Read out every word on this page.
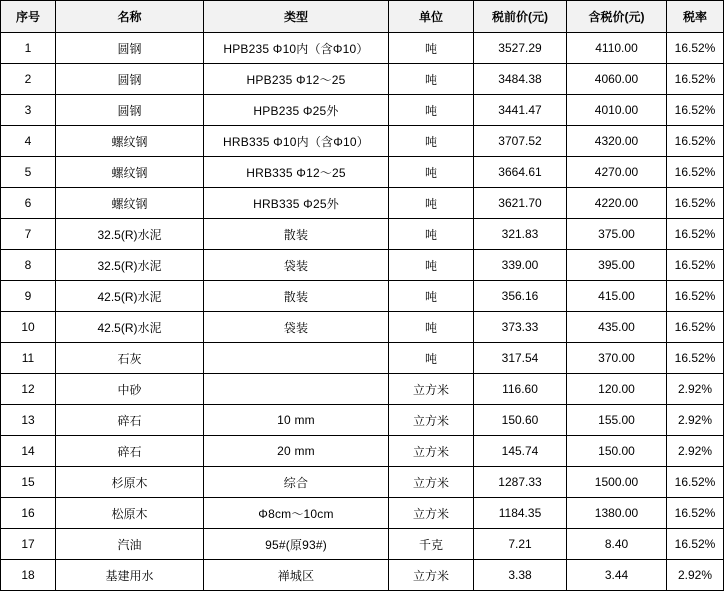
序号	名称	类型	单位	税前价(元)	含税价(元)	税率
1	圆钢	HPB235 Φ10内（含Φ10）	吨	3527.29	4110.00	16.52%
2	圆钢	HPB235 Φ12～25	吨	3484.38	4060.00	16.52%
3	圆钢	HPB235 Φ25外	吨	3441.47	4010.00	16.52%
4	螺纹钢	HRB335 Φ10内（含Φ10）	吨	3707.52	4320.00	16.52%
5	螺纹钢	HRB335 Φ12～25	吨	3664.61	4270.00	16.52%
6	螺纹钢	HRB335 Φ25外	吨	3621.70	4220.00	16.52%
7	32.5(R)水泥	散装	吨	321.83	375.00	16.52%
8	32.5(R)水泥	袋装	吨	339.00	395.00	16.52%
9	42.5(R)水泥	散装	吨	356.16	415.00	16.52%
10	42.5(R)水泥	袋装	吨	373.33	435.00	16.52%
11	石灰		吨	317.54	370.00	16.52%
12	中砂		立方米	116.60	120.00	2.92%
13	碎石	10 mm	立方米	150.60	155.00	2.92%
14	碎石	20 mm	立方米	145.74	150.00	2.92%
15	杉原木	综合	立方米	1287.33	1500.00	16.52%
16	松原木	Φ8cm～10cm	立方米	1184.35	1380.00	16.52%
17	汽油	95#(原93#)	千克	7.21	8.40	16.52%
18	基建用水	禅城区	立方米	3.38	3.44	2.92%
